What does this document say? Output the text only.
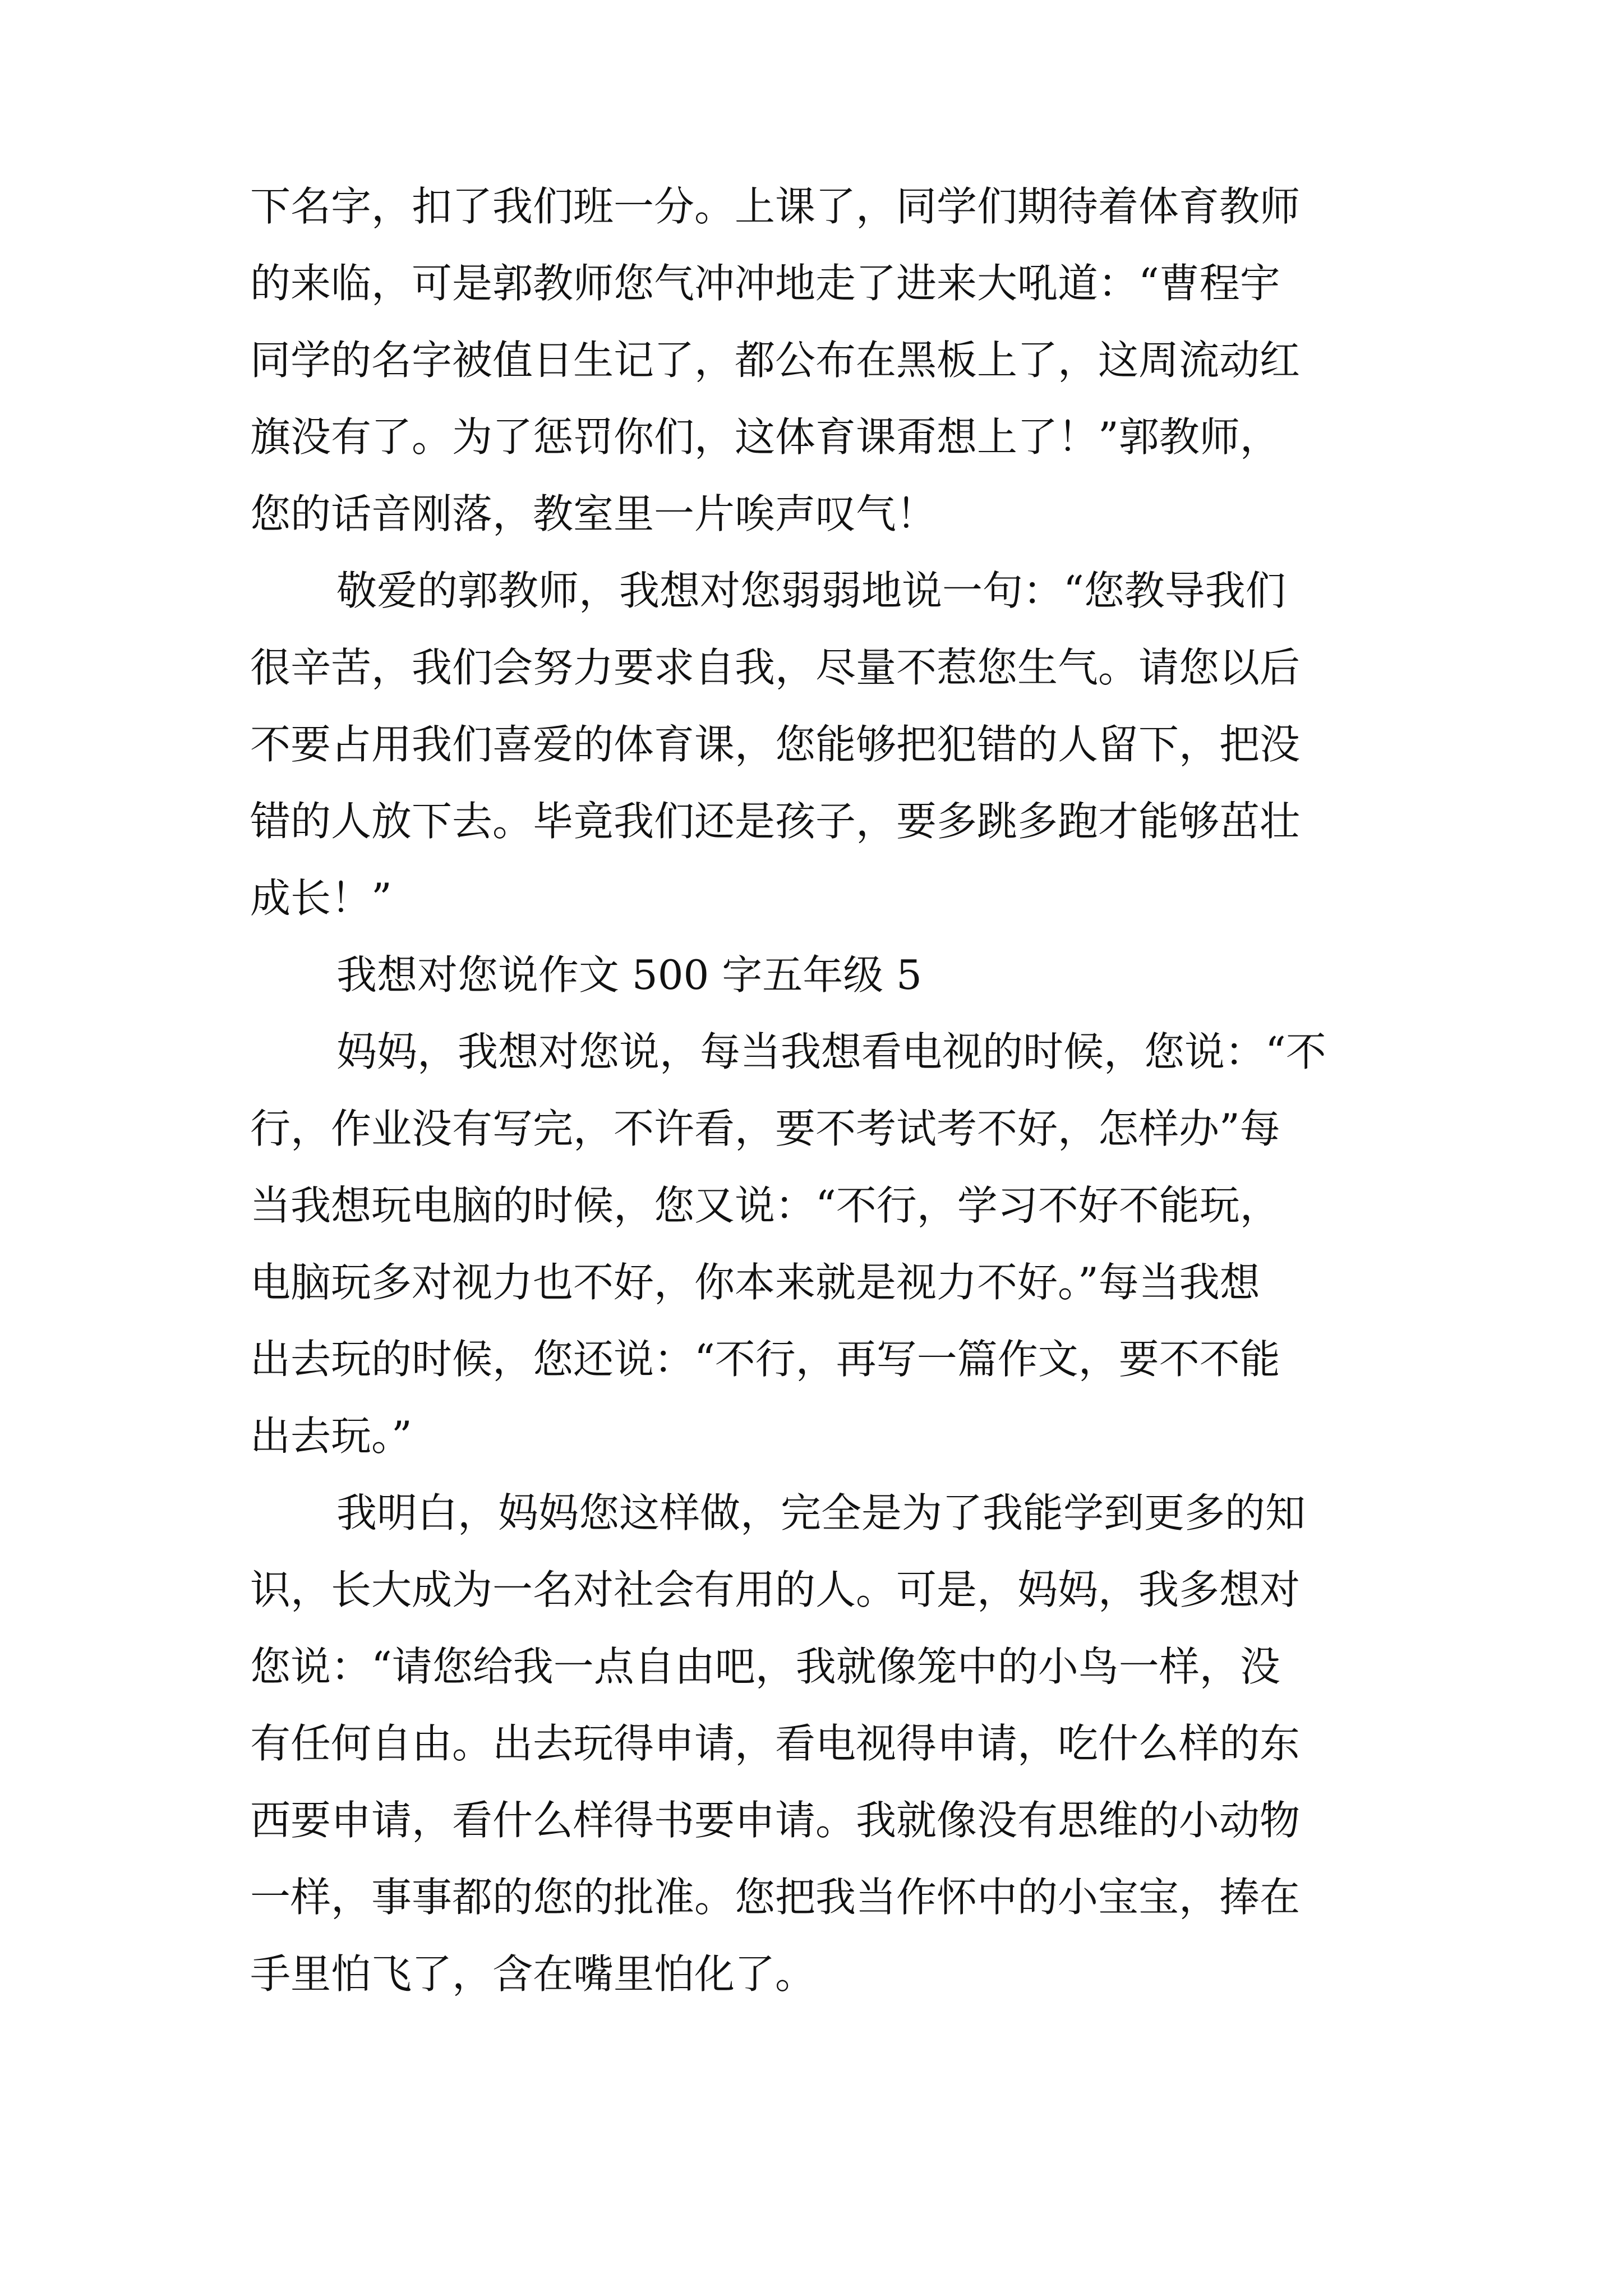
下名字，扣了我们班一分。上课了，同学们期待着体育教师
的来临，可是郭教师您气冲冲地走了进来大吼道：“曹程宇
同学的名字被值日生记了，都公布在黑板上了，这周流动红
旗没有了。为了惩罚你们，这体育课甭想上了！”郭教师，
您的话音刚落，教室里一片唉声叹气！
敬爱的郭教师，我想对您弱弱地说一句：“您教导我们
很辛苦，我们会努力要求自我，尽量不惹您生气。请您以后
不要占用我们喜爱的体育课，您能够把犯错的人留下，把没
错的人放下去。毕竟我们还是孩子，要多跳多跑才能够茁壮
成长！”
我想对您说作文 500 字五年级 5
妈妈，我想对您说，每当我想看电视的时候，您说：“不
行，作业没有写完，不许看，要不考试考不好，怎样办”每
当我想玩电脑的时候，您又说：“不行，学习不好不能玩，
电脑玩多对视力也不好，你本来就是视力不好。”每当我想
出去玩的时候，您还说：“不行，再写一篇作文，要不不能
出去玩。”
我明白，妈妈您这样做，完全是为了我能学到更多的知
识，长大成为一名对社会有用的人。可是，妈妈，我多想对
您说：“请您给我一点自由吧，我就像笼中的小鸟一样，没
有任何自由。出去玩得申请，看电视得申请，吃什么样的东
西要申请，看什么样得书要申请。我就像没有思维的小动物
一样，事事都的您的批准。您把我当作怀中的小宝宝，捧在
手里怕飞了，含在嘴里怕化了。
